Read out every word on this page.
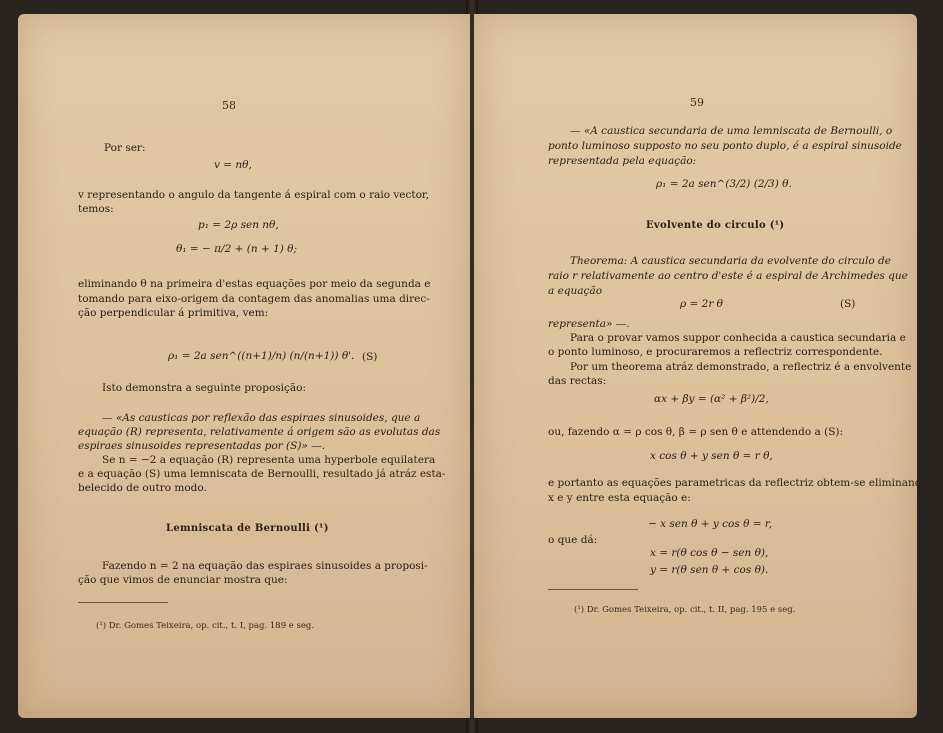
58
Por ser:
v = nθ,
v representando o angulo da tangente á espiral com o raio vector,
temos:
p₁ = 2ρ sen nθ,
θ₁ = − π/2 + (n + 1) θ;
eliminando θ na primeira d'estas equações por meio da segunda e
tomando para eixo-origem da contagem das anomalias uma direc-
ção perpendicular á primitiva, vem:
ρ₁ = 2a sen^((n+1)/n) (n/(n+1)) θ'. (S)
Isto demonstra a seguinte proposição:
— «As causticas por reflexão das espiraes sinusoides, que a
equação (R) representa, relativamente á origem são as evolutas das
espiraes sinusoides representadas por (S)» —.
Se n = −2 a equação (R) representa uma hyperbole equilatera
e a equação (S) uma lemniscata de Bernoulli, resultado já atráz esta-
belecido de outro modo.
Lemniscata de Bernoulli (¹)
Fazendo n = 2 na equação das espiraes sinusoides a proposi-
ção que vimos de enunciar mostra que:
(¹) Dr. Gomes Teixeira, op. cit., t. I, pag. 189 e seg.
59
— «A caustica secundaria de uma lemniscata de Bernoulli, o
ponto luminoso supposto no seu ponto duplo, é a espiral sinusoide
representada pela equação:
ρ₁ = 2a sen^(3/2) (2/3) θ.
Evolvente do circulo (¹)
Theorema: A caustica secundaria da evolvente do circulo de
raio r relativamente ao centro d'este é a espiral de Archimedes que
a equação
ρ = 2r θ	(S)
representa» —.
Para o provar vamos suppor conhecida a caustica secundaria e
o ponto luminoso, e procuraremos a reflectriz correspondente.
Por um theorema atráz demonstrado, a reflectriz é a envolvente
das rectas:
αx + βy = (α² + β²)/2,
ou, fazendo α = ρ cos θ, β = ρ sen θ e attendendo a (S):
x cos θ + y sen θ = r θ,
e portanto as equações parametricas da reflectriz obtem-se eliminando
x e y entre esta equação e:
− x sen θ + y cos θ = r,
o que dá:
x = r(θ cos θ − sen θ),
y = r(θ sen θ + cos θ).
(¹) Dr. Gomes Teixeira, op. cit., t. II, pag. 195 e seg.
